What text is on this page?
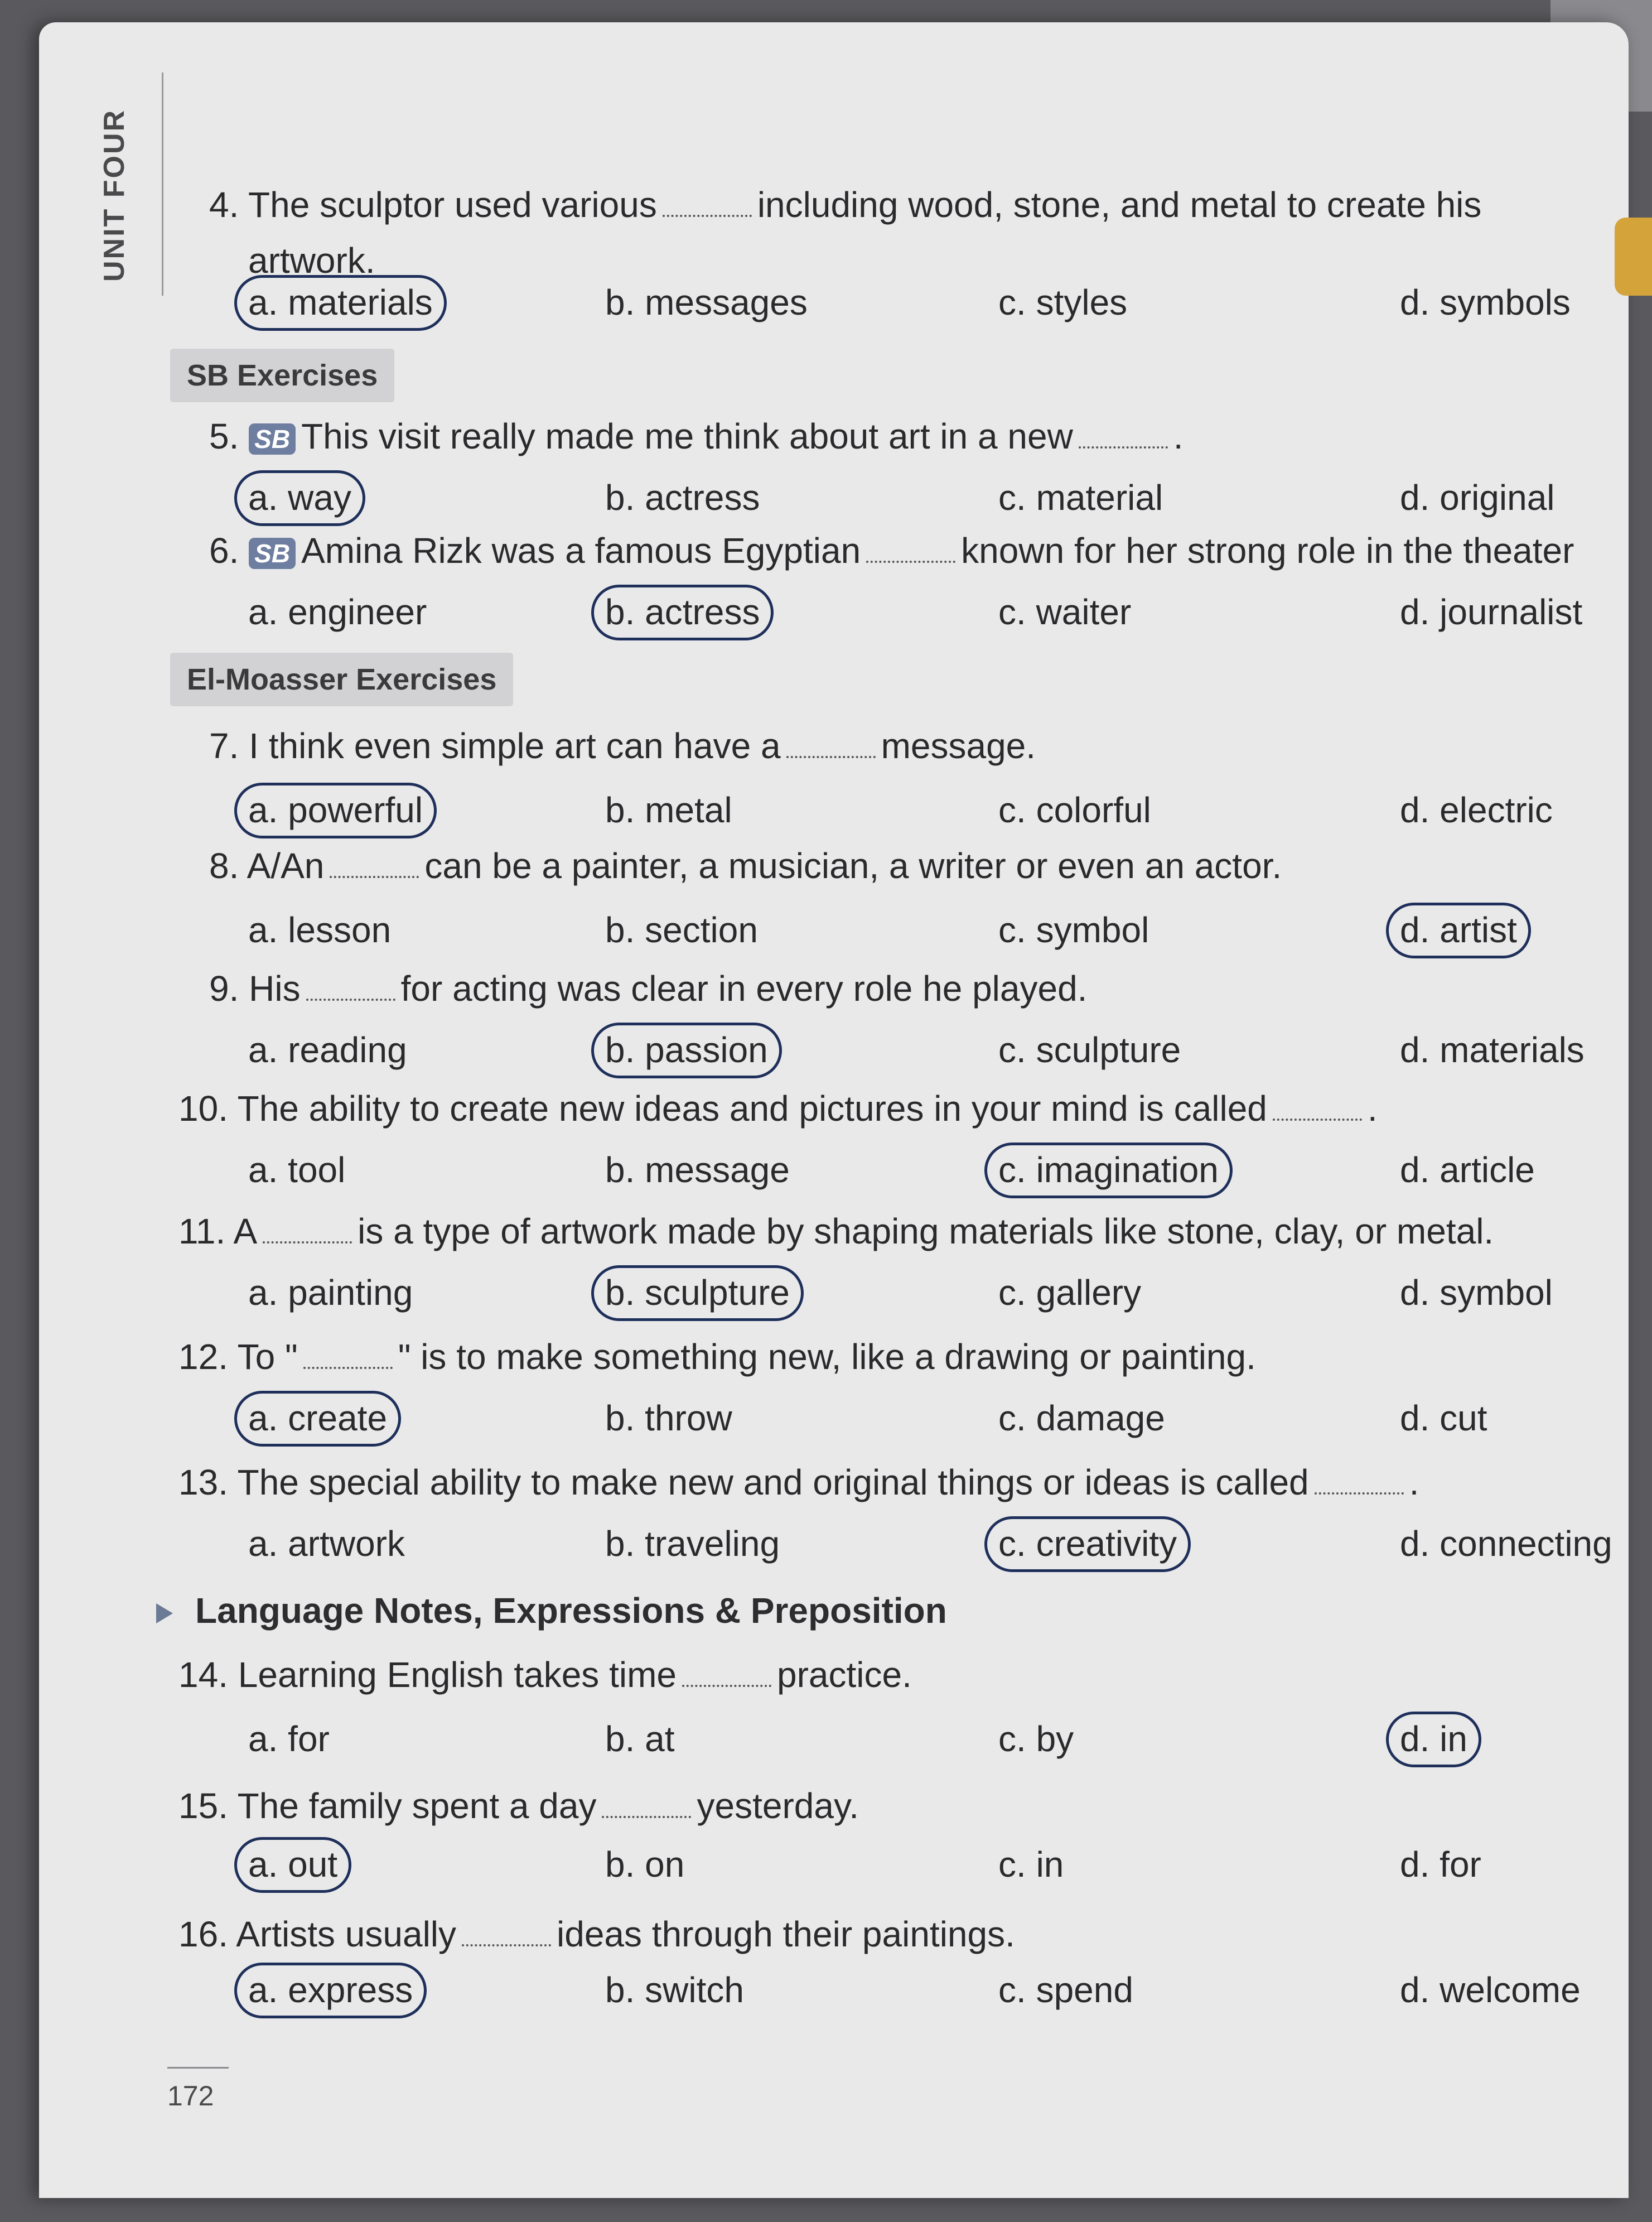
UNIT FOUR
SB Exercises
El-Moasser Exercises
Language Notes, Expressions & Preposition
4. The sculptor used various	including wood, stone, and metal to create his
artwork.
a. materials	b. messages	c. styles	d. symbols
5. SB This visit really made me think about art in a new	.
a. way	b. actress	c. material	d. original
6. SB Amina Rizk was a famous Egyptian	known for her strong role in the theater
a. engineer	b. actress	c. waiter	d. journalist
7. I think even simple art can have a	message.
a. powerful	b. metal	c. colorful	d. electric
8. A/An	can be a painter, a musician, a writer or even an actor.
a. lesson	b. section	c. symbol	d. artist
9. His	for acting was clear in every role he played.
a. reading	b. passion	c. sculpture	d. materials
10. The ability to create new ideas and pictures in your mind is called	.
a. tool	b. message	c. imagination	d. article
11. A	is a type of artwork made by shaping materials like stone, clay, or metal.
a. painting	b. sculpture	c. gallery	d. symbol
12. To "	" is to make something new, like a drawing or painting.
a. create	b. throw	c. damage	d. cut
13. The special ability to make new and original things or ideas is called	.
a. artwork	b. traveling	c. creativity	d. connecting
14. Learning English takes time	practice.
a. for	b. at	c. by	d. in
15. The family spent a day	yesterday.
a. out	b. on	c. in	d. for
16. Artists usually	ideas through their paintings.
a. express	b. switch	c. spend	d. welcome
172
